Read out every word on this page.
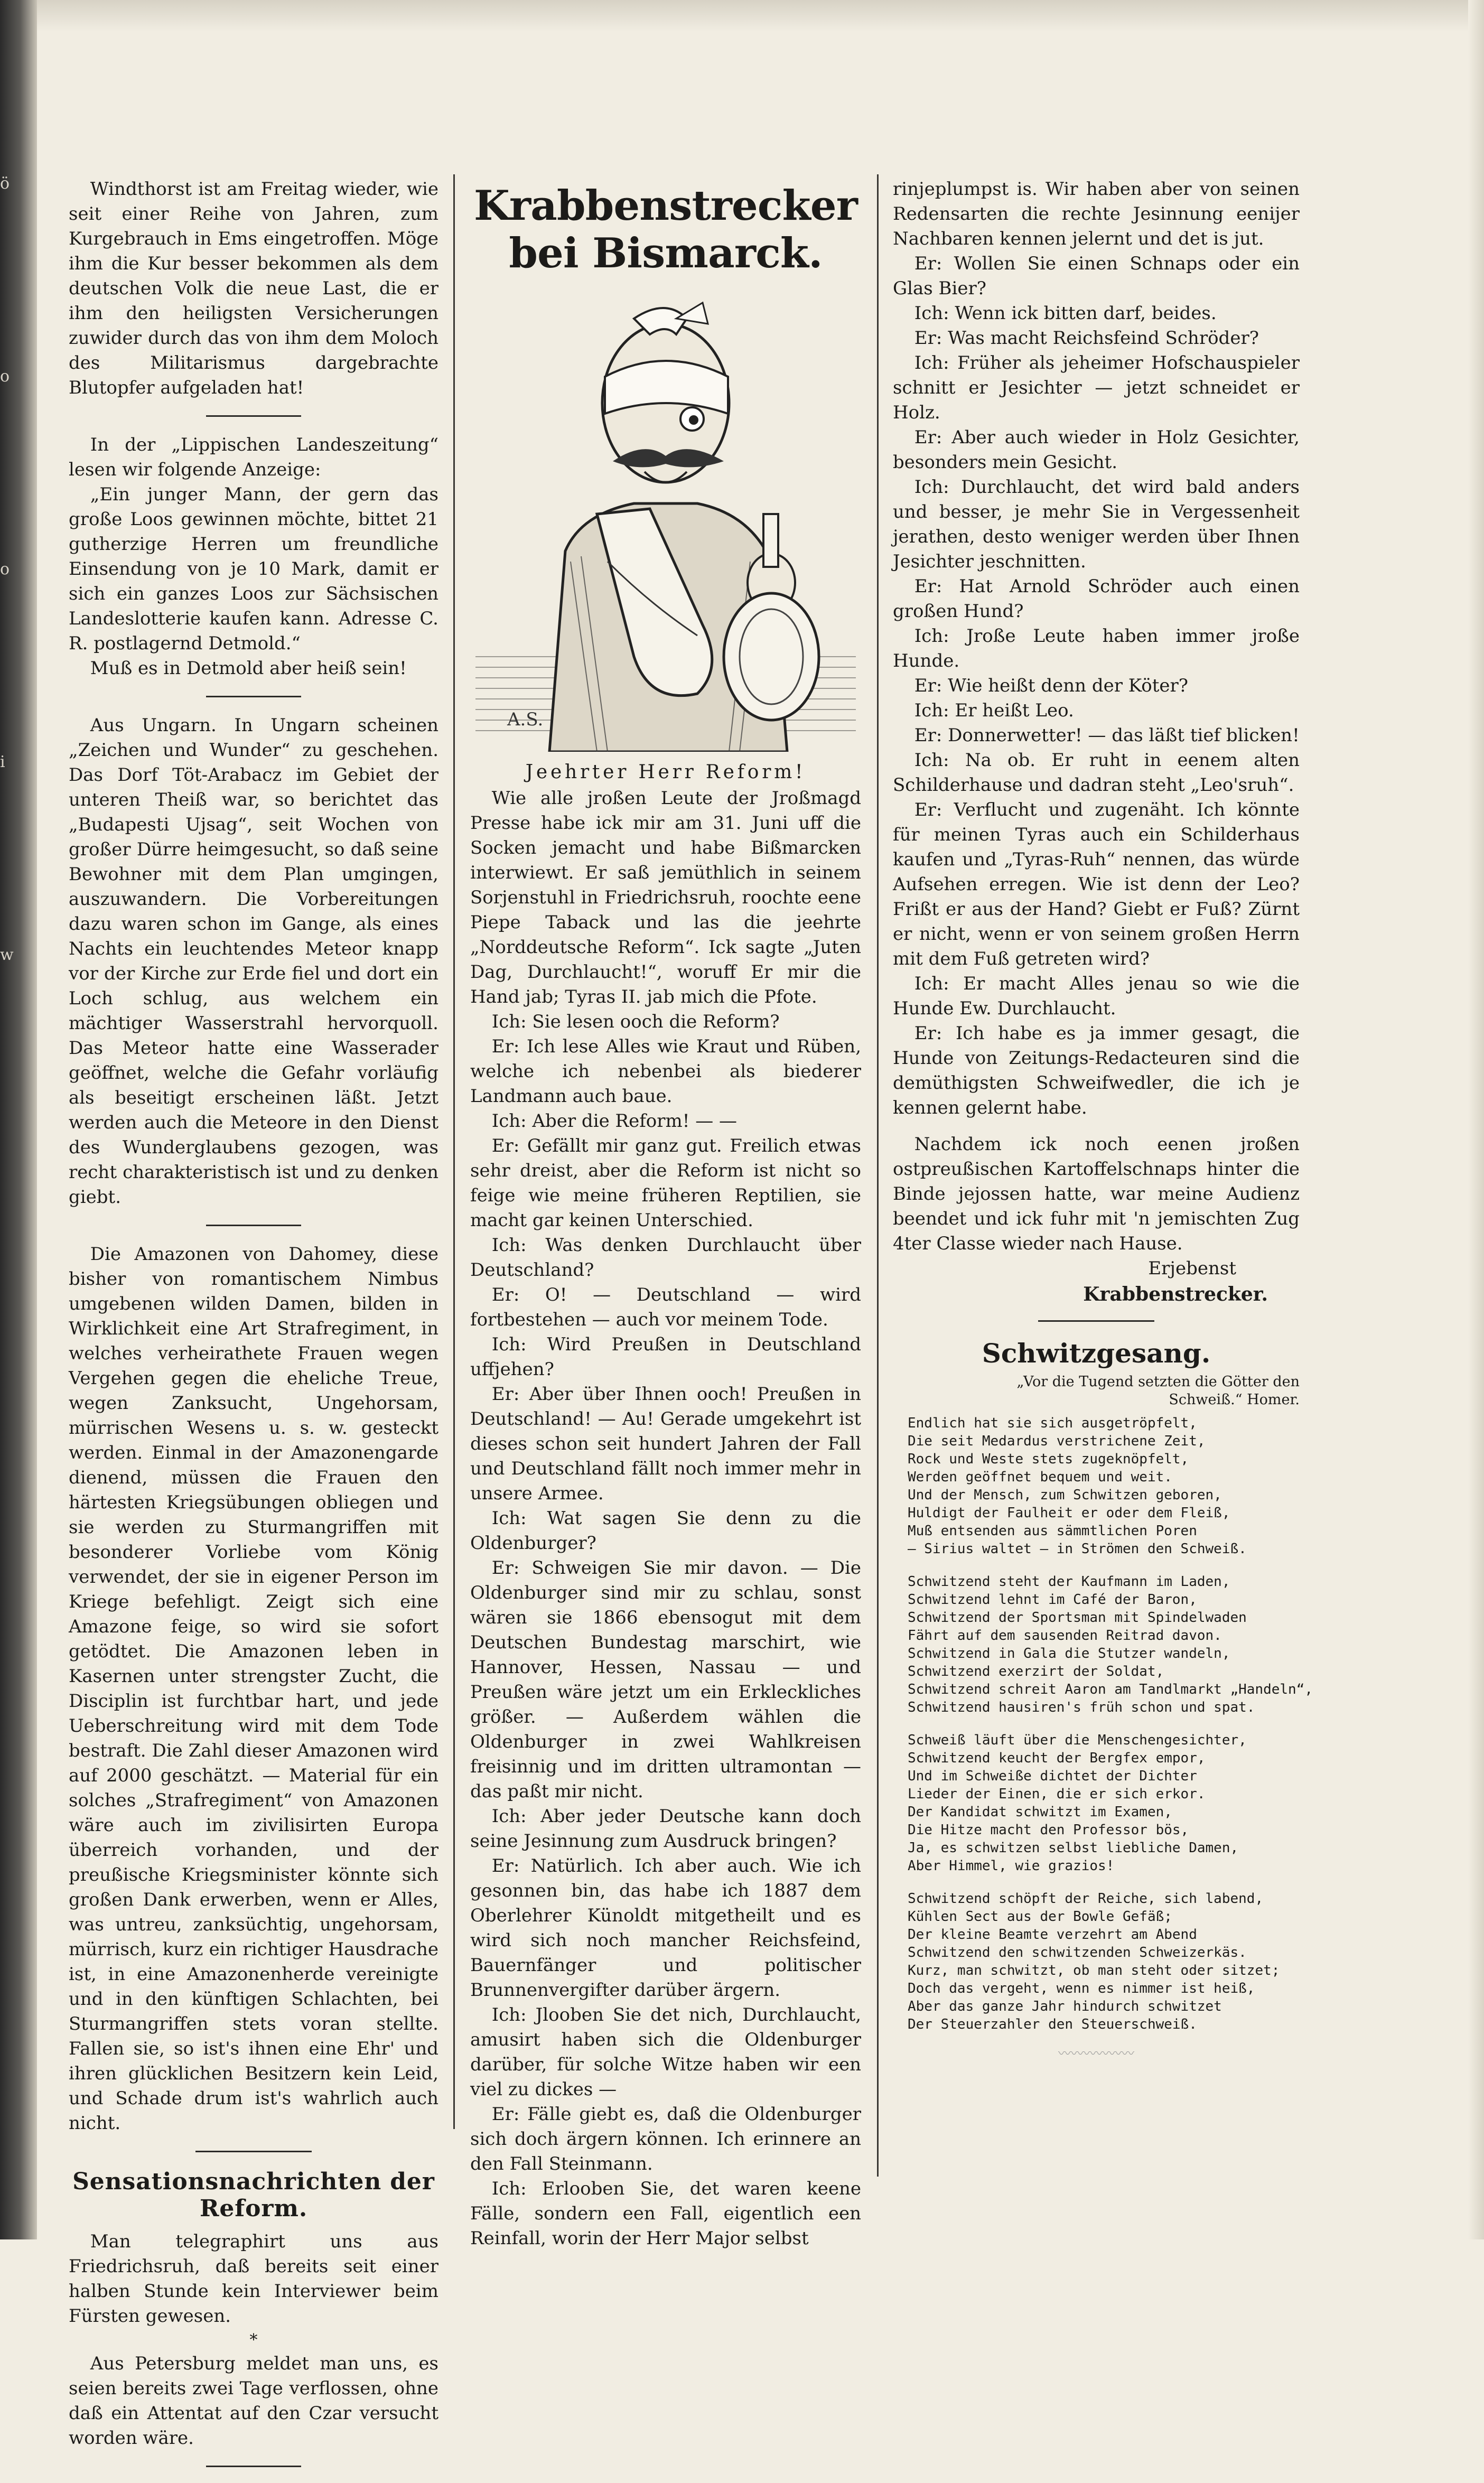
ö
o
o
i
w

Windthorst ist am Freitag wieder, wie seit einer Reihe von Jahren, zum Kurgebrauch in Ems eingetroffen. Möge ihm die Kur besser bekommen als dem deutschen Volk die neue Last, die er ihm den heiligsten Versicherungen zuwider durch das von ihm dem Moloch des Militarismus dargebrachte Blutopfer aufgeladen hat!

In der „Lippischen Landeszeitung“ lesen wir folgende Anzeige:

„Ein junger Mann, der gern das große Loos gewinnen möchte, bittet 21 gutherzige Herren um freundliche Einsendung von je 10 Mark, damit er sich ein ganzes Loos zur Sächsischen Landeslotterie kaufen kann. Adresse C. R. postlagernd Detmold.“

Muß es in Detmold aber heiß sein!

Aus Ungarn. In Ungarn scheinen „Zeichen und Wunder“ zu geschehen. Das Dorf Töt-Arabacz im Gebiet der unteren Theiß war, so berichtet das „Budapesti Ujsag“, seit Wochen von großer Dürre heimgesucht, so daß seine Bewohner mit dem Plan umgingen, auszuwandern. Die Vorbereitungen dazu waren schon im Gange, als eines Nachts ein leuchtendes Meteor knapp vor der Kirche zur Erde fiel und dort ein Loch schlug, aus welchem ein mächtiger Wasserstrahl hervorquoll. Das Meteor hatte eine Wasserader geöffnet, welche die Gefahr vorläufig als beseitigt erscheinen läßt. Jetzt werden auch die Meteore in den Dienst des Wunderglaubens gezogen, was recht charakteristisch ist und zu denken giebt.

Die Amazonen von Dahomey, diese bisher von romantischem Nimbus umgebenen wilden Damen, bilden in Wirklichkeit eine Art Strafregiment, in welches verheirathete Frauen wegen Vergehen gegen die eheliche Treue, wegen Zanksucht, Ungehorsam, mürrischen Wesens u. s. w. gesteckt werden. Einmal in der Amazonengarde dienend, müssen die Frauen den härtesten Kriegsübungen obliegen und sie werden zu Sturmangriffen mit besonderer Vorliebe vom König verwendet, der sie in eigener Person im Kriege befehligt. Zeigt sich eine Amazone feige, so wird sie sofort getödtet. Die Amazonen leben in Kasernen unter strengster Zucht, die Disciplin ist furchtbar hart, und jede Ueberschreitung wird mit dem Tode bestraft. Die Zahl dieser Amazonen wird auf 2000 geschätzt. — Material für ein solches „Strafregiment“ von Amazonen wäre auch im zivilisirten Europa überreich vorhanden, und der preußische Kriegsminister könnte sich großen Dank erwerben, wenn er Alles, was untreu, zanksüchtig, ungehorsam, mürrisch, kurz ein richtiger Hausdrache ist, in eine Amazonenherde vereinigte und in den künftigen Schlachten, bei Sturmangriffen stets voran stellte. Fallen sie, so ist's ihnen eine Ehr' und ihren glücklichen Besitzern kein Leid, und Schade drum ist's wahrlich auch nicht.

Sensationsnachrichten der Reform.

Man telegraphirt uns aus Friedrichsruh, daß bereits seit einer halben Stunde kein Interviewer beim Fürsten gewesen.

*

Aus Petersburg meldet man uns, es seien bereits zwei Tage verflossen, ohne daß ein Attentat auf den Czar versucht worden wäre.

Krabbenstrecker bei Bismarck.
A.S.
Jeehrter Herr Reform!

Wie alle jroßen Leute der Jroßmagd Presse habe ick mir am 31. Juni uff die Socken jemacht und habe Bißmarcken interwiewt. Er saß jemüthlich in seinem Sorjenstuhl in Friedrichsruh, roochte eene Piepe Taback und las die jeehrte „Norddeutsche Reform“. Ick sagte „Juten Dag, Durchlaucht!“, woruff Er mir die Hand jab; Tyras II. jab mich die Pfote.

Ich: Sie lesen ooch die Reform?

Er: Ich lese Alles wie Kraut und Rüben, welche ich nebenbei als biederer Landmann auch baue.

Ich: Aber die Reform! — —

Er: Gefällt mir ganz gut. Freilich etwas sehr dreist, aber die Reform ist nicht so feige wie meine früheren Reptilien, sie macht gar keinen Unterschied.

Ich: Was denken Durchlaucht über Deutschland?

Er: O! — Deutschland — wird fortbestehen — auch vor meinem Tode.

Ich: Wird Preußen in Deutschland uffjehen?

Er: Aber über Ihnen ooch! Preußen in Deutschland! — Au! Gerade umgekehrt ist dieses schon seit hundert Jahren der Fall und Deutschland fällt noch immer mehr in unsere Armee.

Ich: Wat sagen Sie denn zu die Oldenburger?

Er: Schweigen Sie mir davon. — Die Oldenburger sind mir zu schlau, sonst wären sie 1866 ebensogut mit dem Deutschen Bundestag marschirt, wie Hannover, Hessen, Nassau — und Preußen wäre jetzt um ein Erkleckliches größer. — Außerdem wählen die Oldenburger in zwei Wahlkreisen freisinnig und im dritten ultramontan — das paßt mir nicht.

Ich: Aber jeder Deutsche kann doch seine Jesinnung zum Ausdruck bringen?

Er: Natürlich. Ich aber auch. Wie ich gesonnen bin, das habe ich 1887 dem Oberlehrer Künoldt mitgetheilt und es wird sich noch mancher Reichsfeind, Bauernfänger und politischer Brunnenvergifter darüber ärgern.

Ich: Jlooben Sie det nich, Durchlaucht, amusirt haben sich die Oldenburger darüber, für solche Witze haben wir een viel zu dickes —

Er: Fälle giebt es, daß die Oldenburger sich doch ärgern können. Ich erinnere an den Fall Steinmann.

Ich: Erlooben Sie, det waren keene Fälle, sondern een Fall, eigentlich een Reinfall, worin der Herr Major selbst

rinjeplumpst is. Wir haben aber von seinen Redensarten die rechte Jesinnung eenijer Nachbaren kennen jelernt und det is jut.

Er: Wollen Sie einen Schnaps oder ein Glas Bier?

Ich: Wenn ick bitten darf, beides.

Er: Was macht Reichsfeind Schröder?

Ich: Früher als jeheimer Hofschauspieler schnitt er Jesichter — jetzt schneidet er Holz.

Er: Aber auch wieder in Holz Gesichter, besonders mein Gesicht.

Ich: Durchlaucht, det wird bald anders und besser, je mehr Sie in Vergessenheit jerathen, desto weniger werden über Ihnen Jesichter jeschnitten.

Er: Hat Arnold Schröder auch einen großen Hund?

Ich: Jroße Leute haben immer jroße Hunde.

Er: Wie heißt denn der Köter?

Ich: Er heißt Leo.

Er: Donnerwetter! — das läßt tief blicken!

Ich: Na ob. Er ruht in eenem alten Schilderhause und dadran steht „Leo'sruh“.

Er: Verflucht und zugenäht. Ich könnte für meinen Tyras auch ein Schilderhaus kaufen und „Tyras-Ruh“ nennen, das würde Aufsehen erregen. Wie ist denn der Leo? Frißt er aus der Hand? Giebt er Fuß? Zürnt er nicht, wenn er von seinem großen Herrn mit dem Fuß getreten wird?

Ich: Er macht Alles jenau so wie die Hunde Ew. Durchlaucht.

Er: Ich habe es ja immer gesagt, die Hunde von Zeitungs-Redacteuren sind die demüthigsten Schweifwedler, die ich je kennen gelernt habe.

Nachdem ick noch eenen jroßen ostpreußischen Kartoffelschnaps hinter die Binde jejossen hatte, war meine Audienz beendet und ick fuhr mit 'n jemischten Zug 4ter Classe wieder nach Hause.

Erjebenst

Krabbenstrecker.

Schwitzgesang.

„Vor die Tugend setzten die Götter den Schweiß.“ Homer.

Endlich hat sie sich ausgetröpfelt,
Die seit Medardus verstrichene Zeit,
Rock und Weste stets zugeknöpfelt,
Werden geöffnet bequem und weit.
Und der Mensch, zum Schwitzen geboren,
Huldigt der Faulheit er oder dem Fleiß,
Muß entsenden aus sämmtlichen Poren
— Sirius waltet — in Strömen den Schweiß.
Schwitzend steht der Kaufmann im Laden,
Schwitzend lehnt im Café der Baron,
Schwitzend der Sportsman mit Spindelwaden
Fährt auf dem sausenden Reitrad davon.
Schwitzend in Gala die Stutzer wandeln,
Schwitzend exerzirt der Soldat,
Schwitzend schreit Aaron am Tandlmarkt „Handeln“,
Schwitzend hausiren's früh schon und spat.
Schweiß läuft über die Menschengesichter,
Schwitzend keucht der Bergfex empor,
Und im Schweiße dichtet der Dichter
Lieder der Einen, die er sich erkor.
Der Kandidat schwitzt im Examen,
Die Hitze macht den Professor bös,
Ja, es schwitzen selbst liebliche Damen,
Aber Himmel, wie grazios!
Schwitzend schöpft der Reiche, sich labend,
Kühlen Sect aus der Bowle Gefäß;
Der kleine Beamte verzehrt am Abend
Schwitzend den schwitzenden Schweizerkäs.
Kurz, man schwitzt, ob man steht oder sitzet;
Doch das vergeht, wenn es nimmer ist heiß,
Aber das ganze Jahr hindurch schwitzet
Der Steuerzahler den Steuerschweiß.
〰〰〰〰〰〰
